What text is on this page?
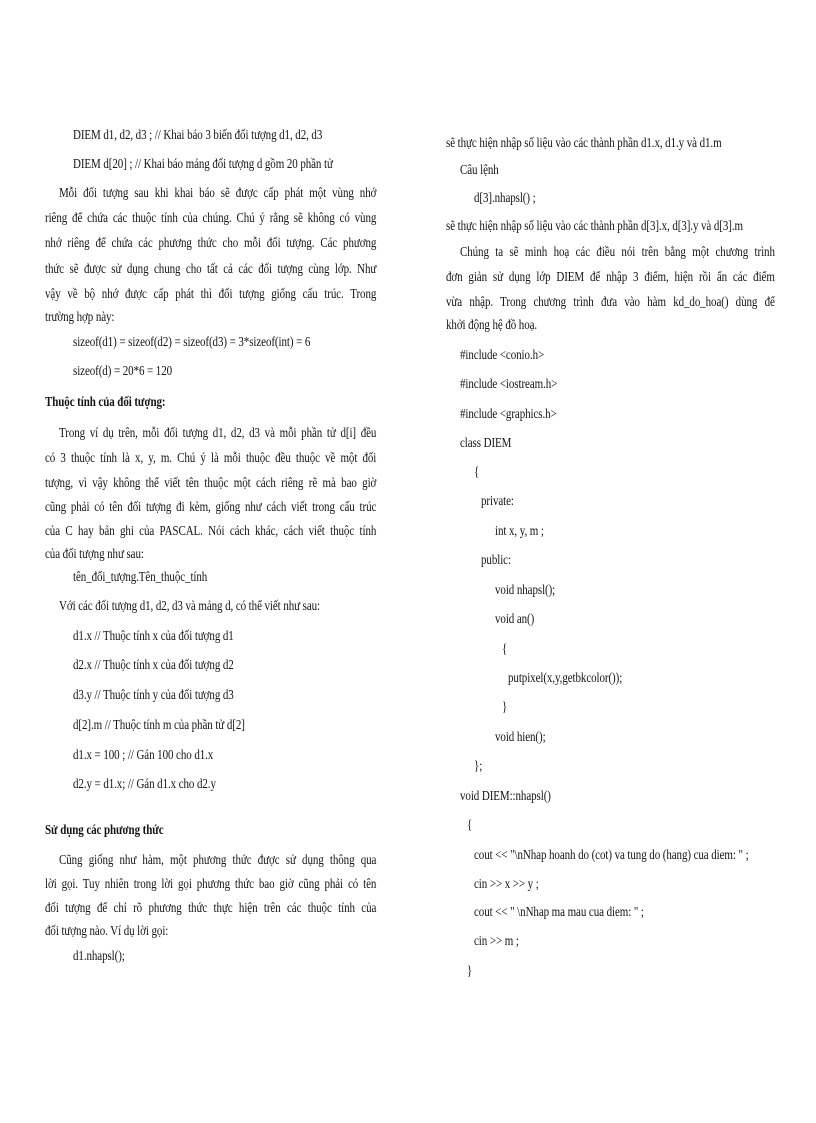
DIEM d1, d2, d3 ; // Khai báo 3 biến đối tượng d1, d2, d3
DIEM d[20] ; // Khai báo mảng đối tượng d gồm 20 phần tử
Mỗi đối tượng sau khi khai báo sẽ được cấp phát một vùng nhớ
riêng để chứa các thuộc tính của chúng. Chú ý rằng sẽ không có vùng
nhớ riêng để chứa các phương thức cho mỗi đối tượng. Các phương
thức sẽ được sử dụng chung cho tất cả các đối tượng cùng lớp. Như
vậy về bộ nhớ được cấp phát thì đối tượng giống cấu trúc. Trong
trường hợp này:
sizeof(d1) = sizeof(d2) = sizeof(d3) = 3*sizeof(int) = 6
sizeof(d) = 20*6 = 120
Thuộc tính của đối tượng:
Trong ví dụ trên, mỗi đối tượng d1, d2, d3 và mỗi phần tử d[i] đều
có 3 thuộc tính là x, y, m. Chú ý là mỗi thuộc đều thuộc về một đối
tượng, vì vậy không thể viết tên thuộc một cách riêng rẽ mà bao giờ
cũng phải có tên đối tượng đi kèm, giống như cách viết trong cấu trúc
của C hay bản ghi của PASCAL. Nói cách khác, cách viết thuộc tính
của đối tượng như sau:
tên_đối_tượng.Tên_thuộc_tính
Với các đối tượng d1, d2, d3 và mảng d, có thể viết như sau:
d1.x // Thuộc tính x của đối tượng d1
d2.x // Thuộc tính x của đối tượng d2
d3.y // Thuộc tính y của đối tượng d3
d[2].m // Thuộc tính m của phần tử d[2]
d1.x = 100 ; // Gán 100 cho d1.x
d2.y = d1.x; // Gán d1.x cho d2.y
Sử dụng các phương thức
Cũng giống như hàm, một phương thức được sử dụng thông qua
lời gọi. Tuy nhiên trong lời gọi phương thức bao giờ cũng phải có tên
đối tượng để chỉ rõ phương thức thực hiện trên các thuộc tính của
đối tượng nào. Ví dụ lời gọi:
d1.nhapsl();
sẽ thực hiện nhập số liệu vào các thành phần d1.x, d1.y và d1.m
Câu lệnh
d[3].nhapsl() ;
sẽ thực hiện nhập số liệu vào các thành phần d[3].x, d[3].y và d[3].m
Chúng ta sẽ minh hoạ các điều nói trên bằng một chương trình
đơn giản sử dụng lớp DIEM để nhập 3 điểm, hiện rồi ẩn các điểm
vừa nhập. Trong chương trình đưa vào hàm kd_do_hoa() dùng để
khởi động hệ đồ hoạ.
#include <conio.h>
#include <iostream.h>
#include <graphics.h>
class DIEM
{
private:
int x, y, m ;
public:
void nhapsl();
void an()
{
putpixel(x,y,getbkcolor());
}
void hien();
};
void DIEM::nhapsl()
{
cout << "\nNhap hoanh do (cot) va tung do (hang) cua diem: " ;
cin >> x >> y ;
cout << " \nNhap ma mau cua diem: " ;
cin >> m ;
}
